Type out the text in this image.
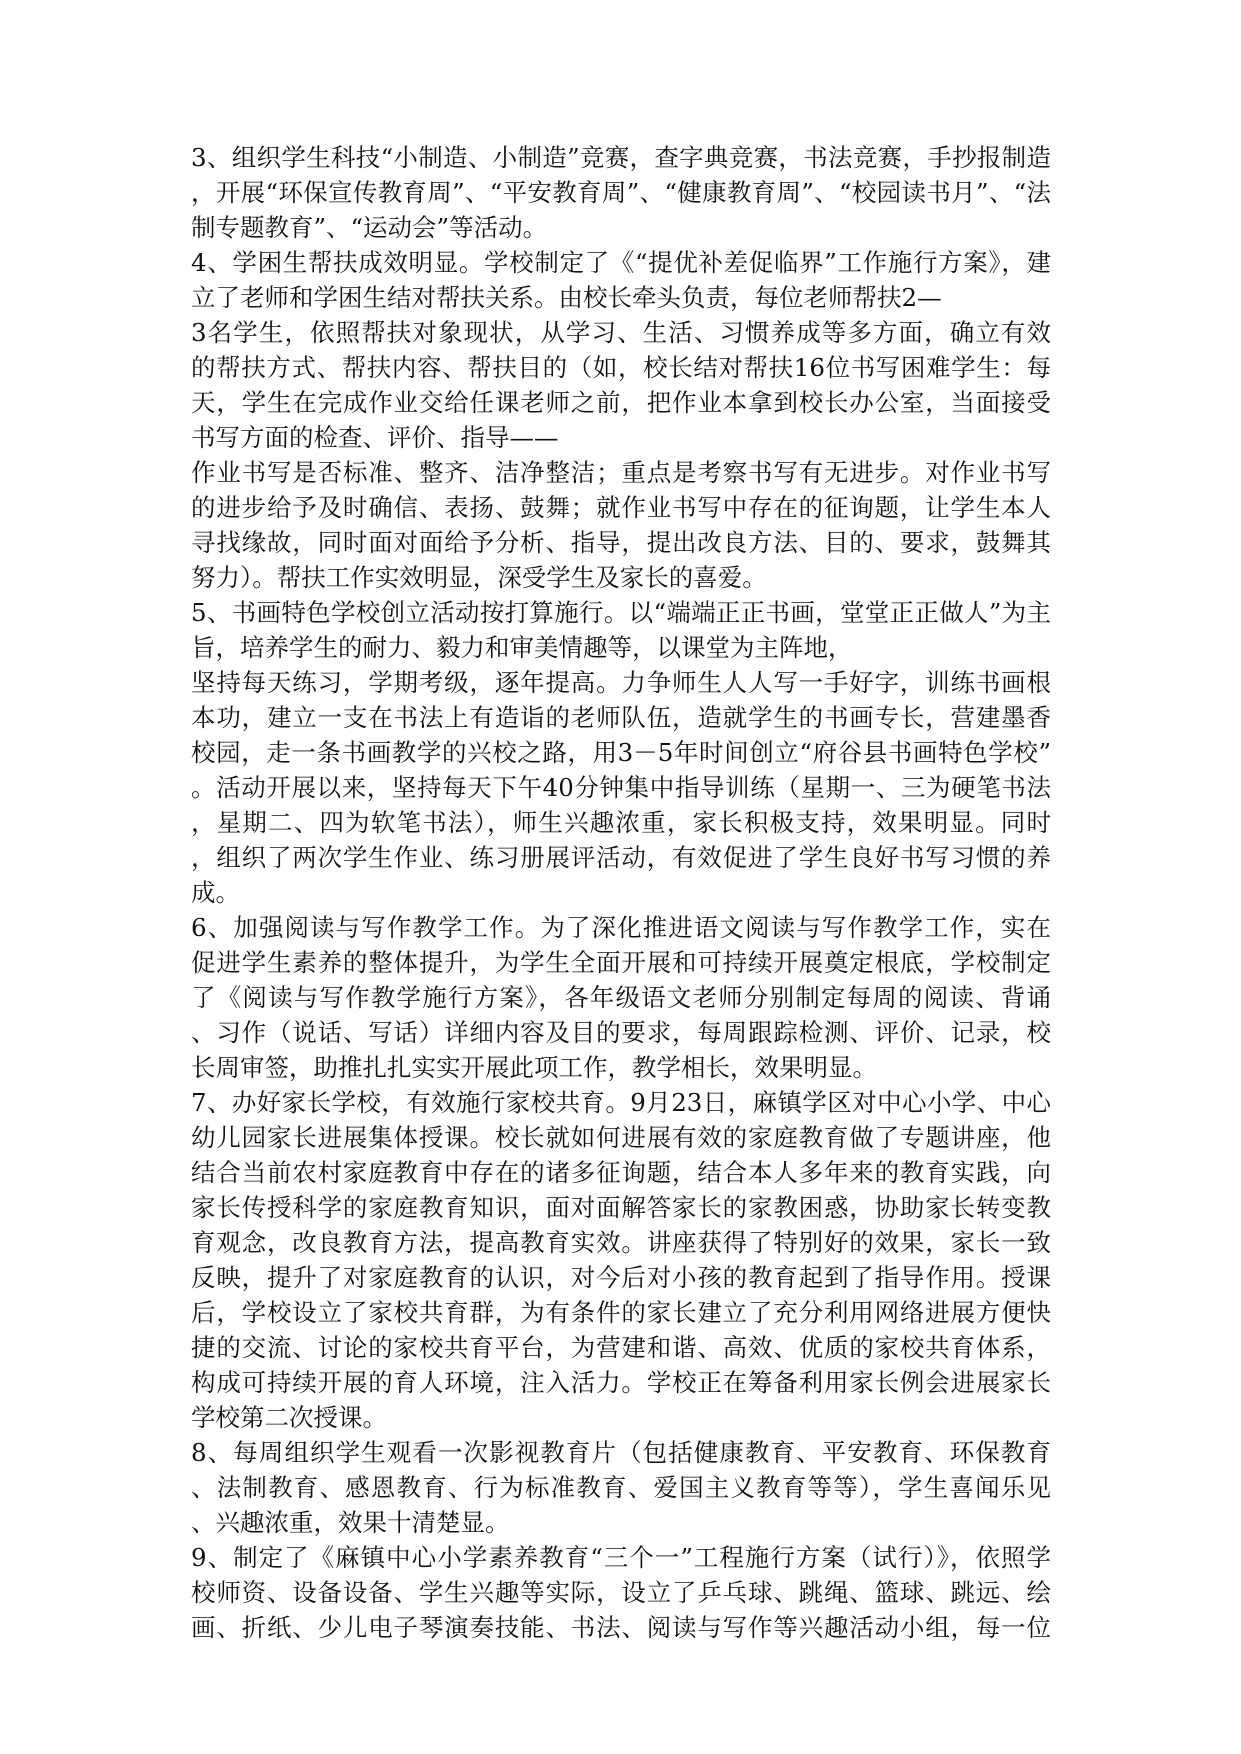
3、组织学生科技“小制造、小制造”竞赛，查字典竞赛，书法竞赛，手抄报制造
，开展“环保宣传教育周”、“平安教育周”、“健康教育周”、“校园读书月”、“法
制专题教育”、“运动会”等活动。
4、学困生帮扶成效明显。学校制定了《“提优补差促临界”工作施行方案》，建
立了老师和学困生结对帮扶关系。由校长牵头负责，每位老师帮扶2—
3名学生，依照帮扶对象现状，从学习、生活、习惯养成等多方面，确立有效
的帮扶方式、帮扶内容、帮扶目的（如，校长结对帮扶16位书写困难学生：每
天，学生在完成作业交给任课老师之前，把作业本拿到校长办公室，当面接受
书写方面的检查、评价、指导——
作业书写是否标准、整齐、洁净整洁；重点是考察书写有无进步。对作业书写
的进步给予及时确信、表扬、鼓舞；就作业书写中存在的征询题，让学生本人
寻找缘故，同时面对面给予分析、指导，提出改良方法、目的、要求，鼓舞其
努力）。帮扶工作实效明显，深受学生及家长的喜爱。
5、书画特色学校创立活动按打算施行。以“端端正正书画，堂堂正正做人”为主
旨，培养学生的耐力、毅力和审美情趣等，以课堂为主阵地，
坚持每天练习，学期考级，逐年提高。力争师生人人写一手好字，训练书画根
本功，建立一支在书法上有造诣的老师队伍，造就学生的书画专长，营建墨香
校园，走一条书画教学的兴校之路，用3－5年时间创立“府谷县书画特色学校”
。活动开展以来，坚持每天下午40分钟集中指导训练（星期一、三为硬笔书法
，星期二、四为软笔书法），师生兴趣浓重，家长积极支持，效果明显。同时
，组织了两次学生作业、练习册展评活动，有效促进了学生良好书写习惯的养
成。
6、加强阅读与写作教学工作。为了深化推进语文阅读与写作教学工作，实在
促进学生素养的整体提升，为学生全面开展和可持续开展奠定根底，学校制定
了《阅读与写作教学施行方案》，各年级语文老师分别制定每周的阅读、背诵
、习作（说话、写话）详细内容及目的要求，每周跟踪检测、评价、记录，校
长周审签，助推扎扎实实开展此项工作，教学相长，效果明显。
7、办好家长学校，有效施行家校共育。9月23日，麻镇学区对中心小学、中心
幼儿园家长进展集体授课。校长就如何进展有效的家庭教育做了专题讲座，他
结合当前农村家庭教育中存在的诸多征询题，结合本人多年来的教育实践，向
家长传授科学的家庭教育知识，面对面解答家长的家教困惑，协助家长转变教
育观念，改良教育方法，提高教育实效。讲座获得了特别好的效果，家长一致
反映，提升了对家庭教育的认识，对今后对小孩的教育起到了指导作用。授课
后，学校设立了家校共育群，为有条件的家长建立了充分利用网络进展方便快
捷的交流、讨论的家校共育平台，为营建和谐、高效、优质的家校共育体系，
构成可持续开展的育人环境，注入活力。学校正在筹备利用家长例会进展家长
学校第二次授课。
8、每周组织学生观看一次影视教育片（包括健康教育、平安教育、环保教育
、法制教育、感恩教育、行为标准教育、爱国主义教育等等），学生喜闻乐见
、兴趣浓重，效果十清楚显。
9、制定了《麻镇中心小学素养教育“三个一”工程施行方案（试行）》，依照学
校师资、设备设备、学生兴趣等实际，设立了乒乓球、跳绳、篮球、跳远、绘
画、折纸、少儿电子琴演奏技能、书法、阅读与写作等兴趣活动小组，每一位
